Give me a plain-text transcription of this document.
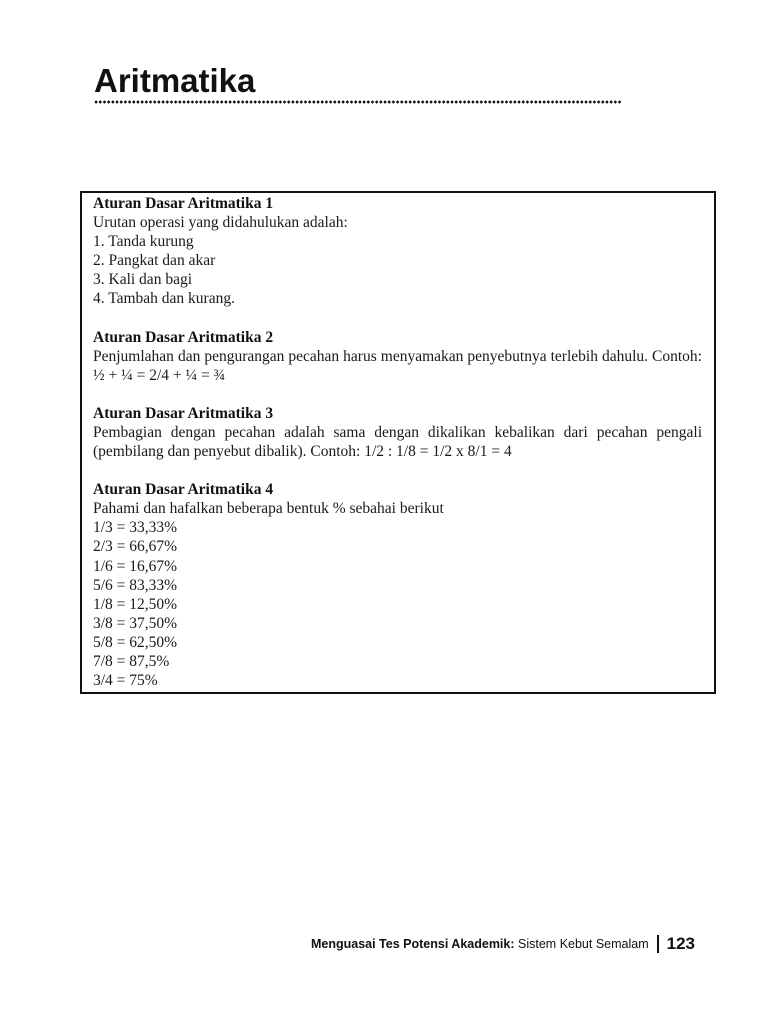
Aritmatika
Aturan Dasar Aritmatika 1
Urutan operasi yang didahulukan adalah:
1. Tanda kurung
2. Pangkat dan akar
3. Kali dan bagi
4. Tambah dan kurang.
Aturan Dasar Aritmatika 2
Penjumlahan dan pengurangan pecahan harus menyamakan penyebutnya terlebih dahulu. Contoh: ½ + ¼ = 2/4 + ¼ = ¾
Aturan Dasar Aritmatika 3
Pembagian dengan pecahan adalah sama dengan dikalikan kebalikan dari pecahan pengali (pembilang dan penyebut dibalik). Contoh: 1/2 : 1/8 = 1/2 x 8/1 = 4
Aturan Dasar Aritmatika 4
Pahami dan hafalkan beberapa bentuk % sebahai berikut
1/3 = 33,33%
2/3 = 66,67%
1/6 = 16,67%
5/6 = 83,33%
1/8 = 12,50%
3/8 = 37,50%
5/8 = 62,50%
7/8 = 87,5%
3/4 = 75%
Menguasai Tes Potensi Akademik:
Sistem Kebut Semalam 123
